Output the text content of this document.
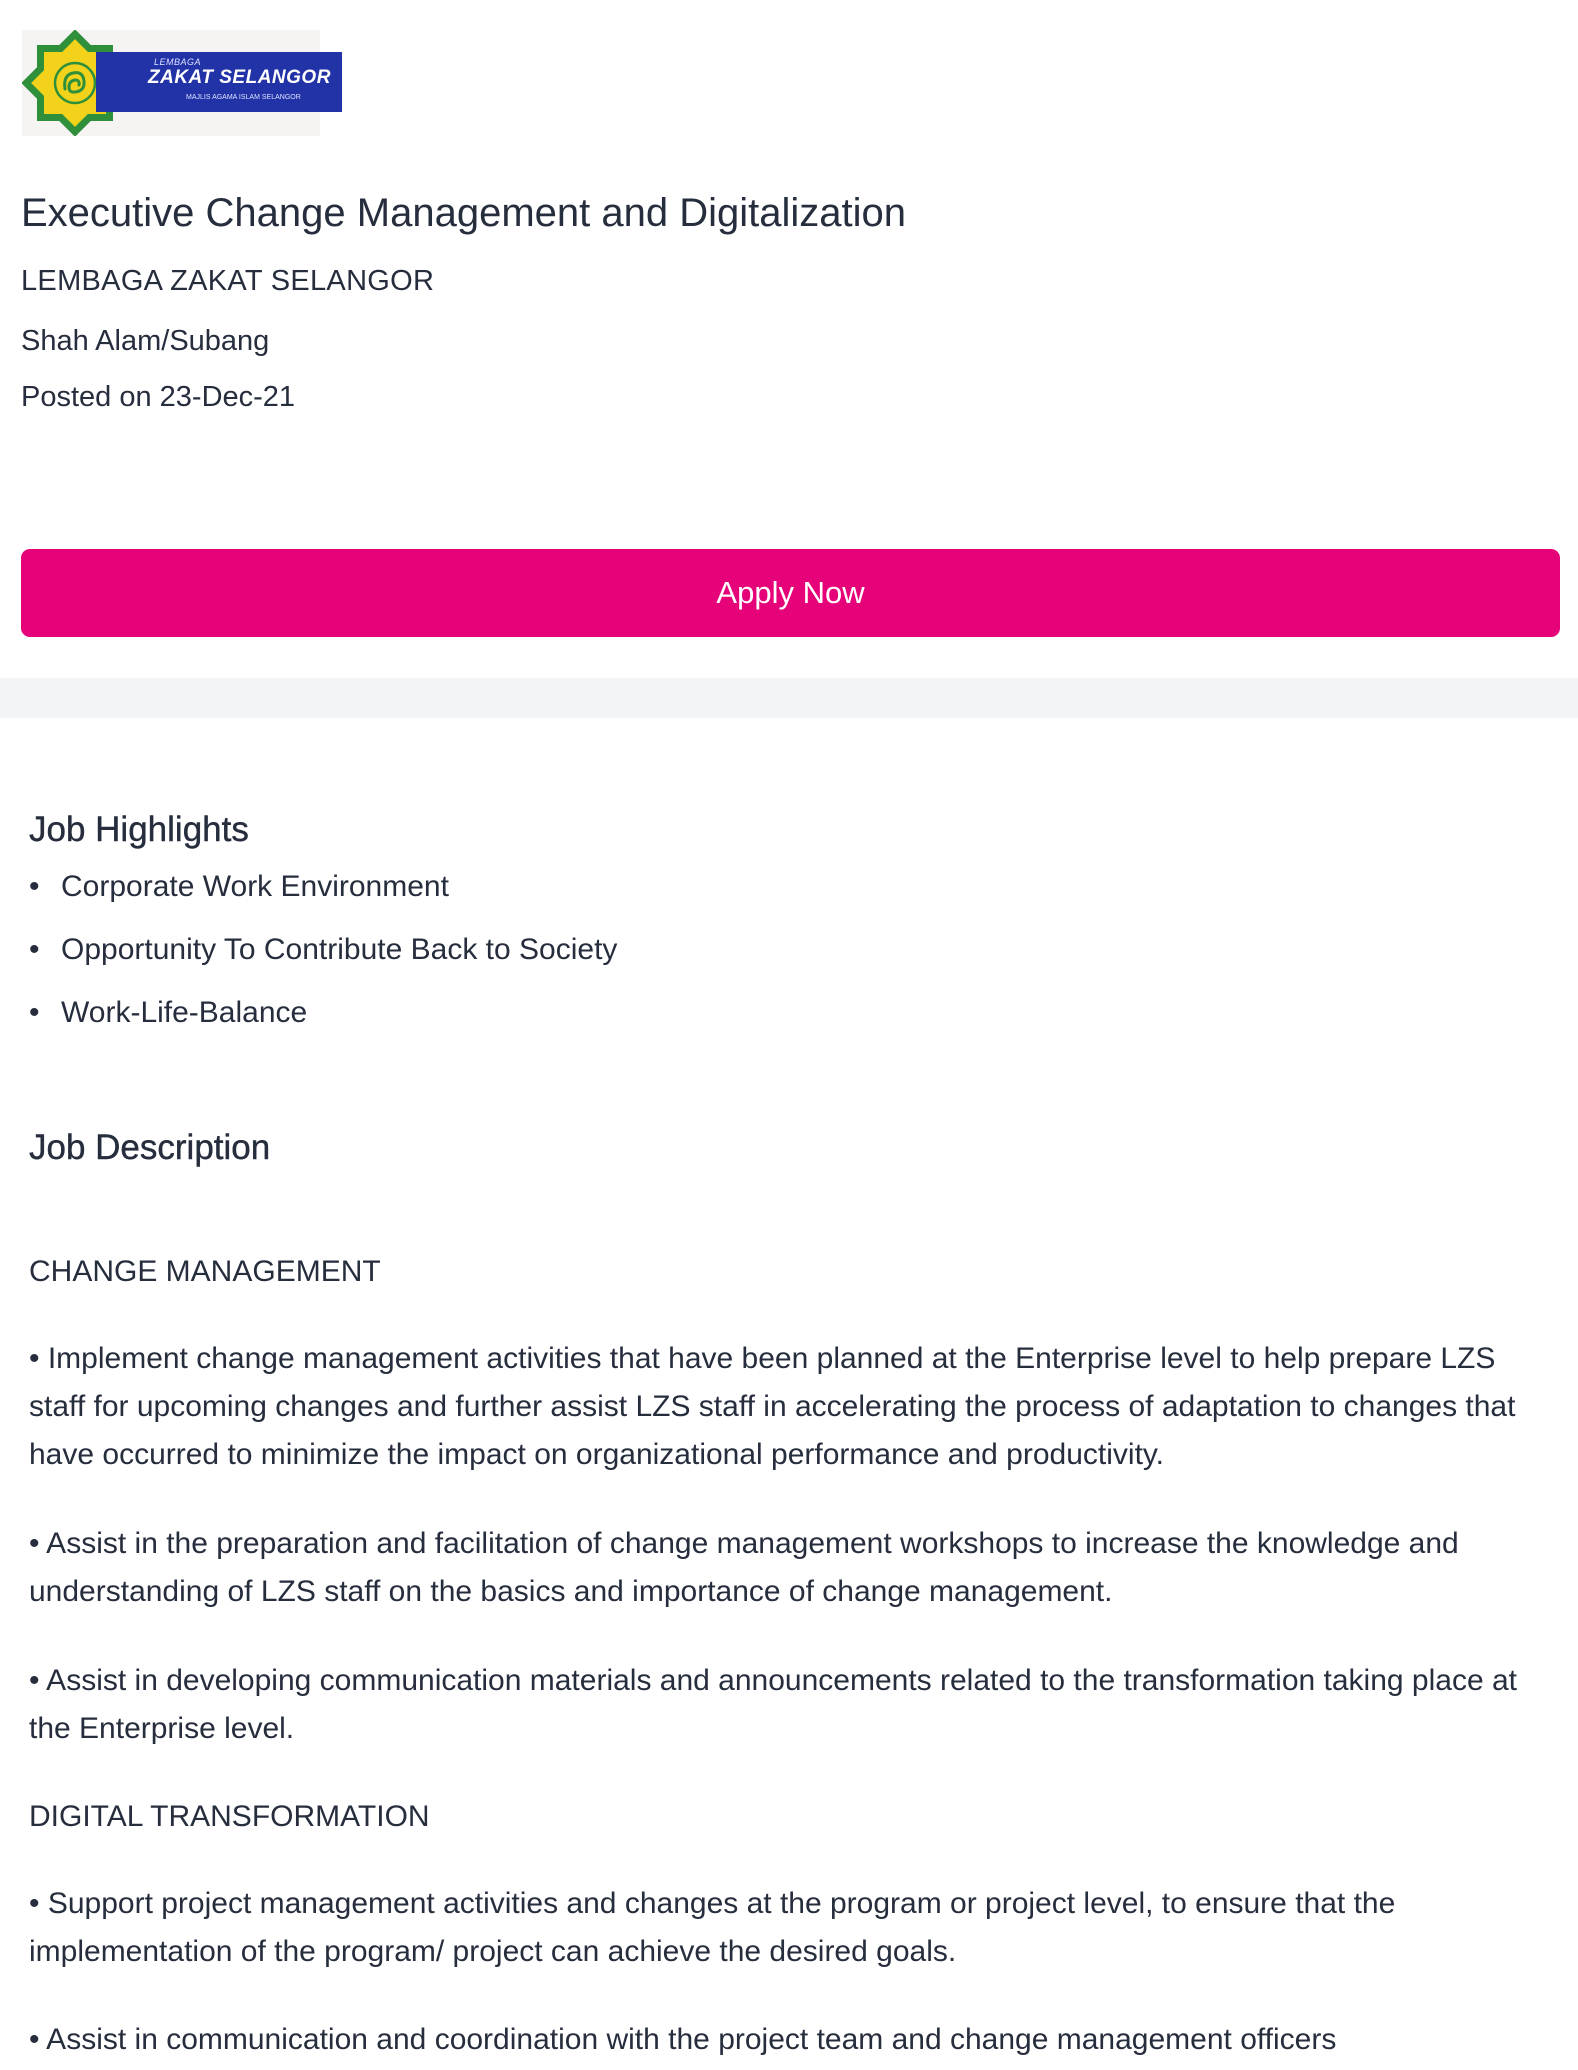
LEMBAGA
ZAKAT SELANGOR
MAJLIS AGAMA ISLAM SELANGOR
Executive Change Management and Digitalization
LEMBAGA ZAKAT SELANGOR
Shah Alam/Subang
Posted on 23-Dec-21
Apply Now
Job Highlights
• Corporate Work Environment
• Opportunity To Contribute Back to Society
• Work-Life-Balance
Job Description
CHANGE MANAGEMENT
• Implement change management activities that have been planned at the Enterprise level to help prepare LZS staff for upcoming changes and further assist LZS staff in accelerating the process of adaptation to changes that have occurred to minimize the impact on organizational performance and productivity.
• Assist in the preparation and facilitation of change management workshops to increase the knowledge and understanding of LZS staff on the basics and importance of change management.
• Assist in developing communication materials and announcements related to the transformation taking place at the Enterprise level.
DIGITAL TRANSFORMATION
• Support project management activities and changes at the program or project level, to ensure that the implementation of the program/ project can achieve the desired goals.
• Assist in communication and coordination with the project team and change management officers
